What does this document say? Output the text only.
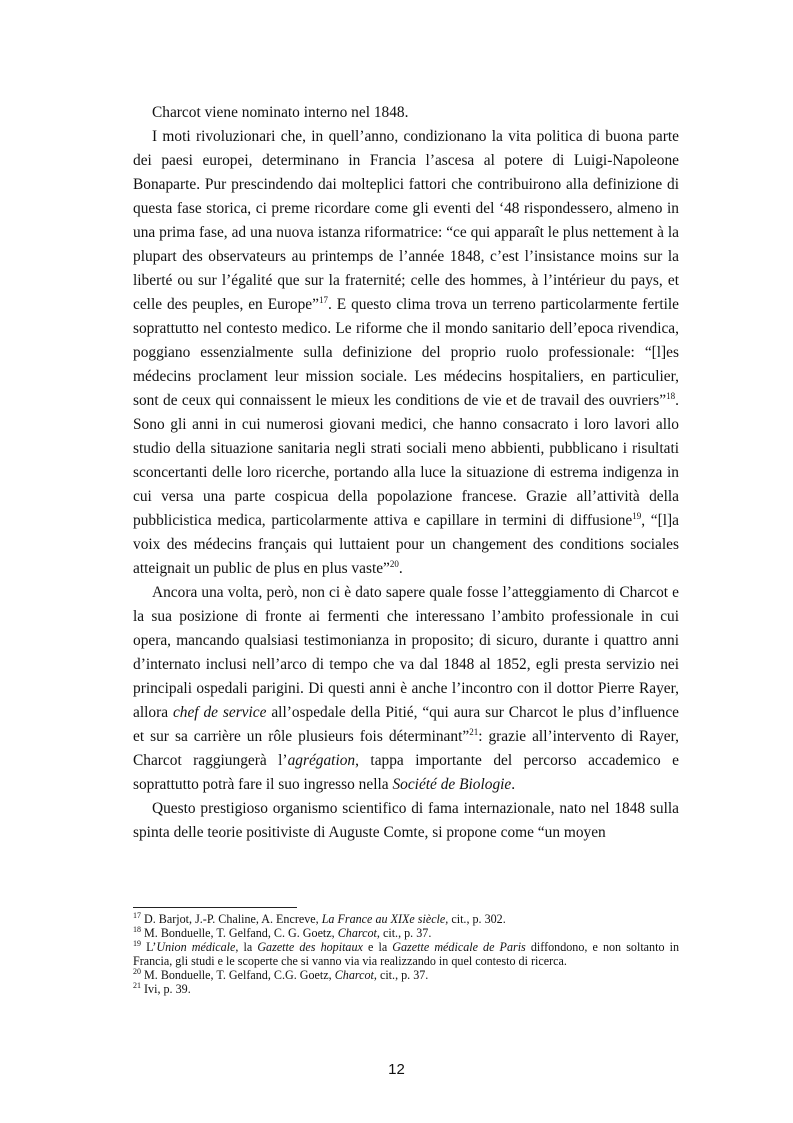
Charcot viene nominato interno nel 1848.

I moti rivoluzionari che, in quell’anno, condizionano la vita politica di buona parte dei paesi europei, determinano in Francia l’ascesa al potere di Luigi-Napoleone Bonaparte. Pur prescindendo dai molteplici fattori che contribuirono alla definizione di questa fase storica, ci preme ricordare come gli eventi del ‘48 rispondessero, almeno in una prima fase, ad una nuova istanza riformatrice: “ce qui apparaît le plus nettement à la plupart des observateurs au printemps de l’année 1848, c’est l’insistance moins sur la liberté ou sur l’égalité que sur la fraternité; celle des hommes, à l’intérieur du pays, et celle des peuples, en Europe”$^{17}$. E questo clima trova un terreno particolarmente fertile soprattutto nel contesto medico. Le riforme che il mondo sanitario dell’epoca rivendica, poggiano essenzialmente sulla definizione del proprio ruolo professionale: “[l]es médecins proclament leur mission sociale. Les médecins hospitaliers, en particulier, sont de ceux qui connaissent le mieux les conditions de vie et de travail des ouvriers”$^{18}$. Sono gli anni in cui numerosi giovani medici, che hanno consacrato i loro lavori allo studio della situazione sanitaria negli strati sociali meno abbienti, pubblicano i risultati sconcertanti delle loro ricerche, portando alla luce la situazione di estrema indigenza in cui versa una parte cospicua della popolazione francese. Grazie all’attività della pubblicistica medica, particolarmente attiva e capillare in termini di diffusione$^{19}$, “[l]a voix des médecins français qui luttaient pour un changement des conditions sociales atteignait un public de plus en plus vaste”$^{20}$.

Ancora una volta, però, non ci è dato sapere quale fosse l’atteggiamento di Charcot e la sua posizione di fronte ai fermenti che interessano l’ambito professionale in cui opera, mancando qualsiasi testimonianza in proposito; di sicuro, durante i quattro anni d’internato inclusi nell’arco di tempo che va dal 1848 al 1852, egli presta servizio nei principali ospedali parigini. Di questi anni è anche l’incontro con il dottor Pierre Rayer, allora chef de service all’ospedale della Pitié, “qui aura sur Charcot le plus d’influence et sur sa carrière un rôle plusieurs fois déterminant”$^{21}$: grazie all’intervento di Rayer, Charcot raggiungerà l’agrégation, tappa importante del percorso accademico e soprattutto potrà fare il suo ingresso nella Société de Biologie.

Questo prestigioso organismo scientifico di fama internazionale, nato nel 1848 sulla spinta delle teorie positiviste di Auguste Comte, si propone come “un moyen

$^{17}$ D. Barjot, J.-P. Chaline, A. Encreve, La France au XIXe siècle, cit., p. 302.
$^{18}$ M. Bonduelle, T. Gelfand, C. G. Goetz, Charcot, cit., p. 37.
$^{19}$ L’Union médicale, la Gazette des hopitaux e la Gazette médicale de Paris diffondono, e non soltanto in Francia, gli studi e le scoperte che si vanno via via realizzando in quel contesto di ricerca.
$^{20}$ M. Bonduelle, T. Gelfand, C.G. Goetz, Charcot, cit., p. 37.
$^{21}$ Ivi, p. 39.
12
